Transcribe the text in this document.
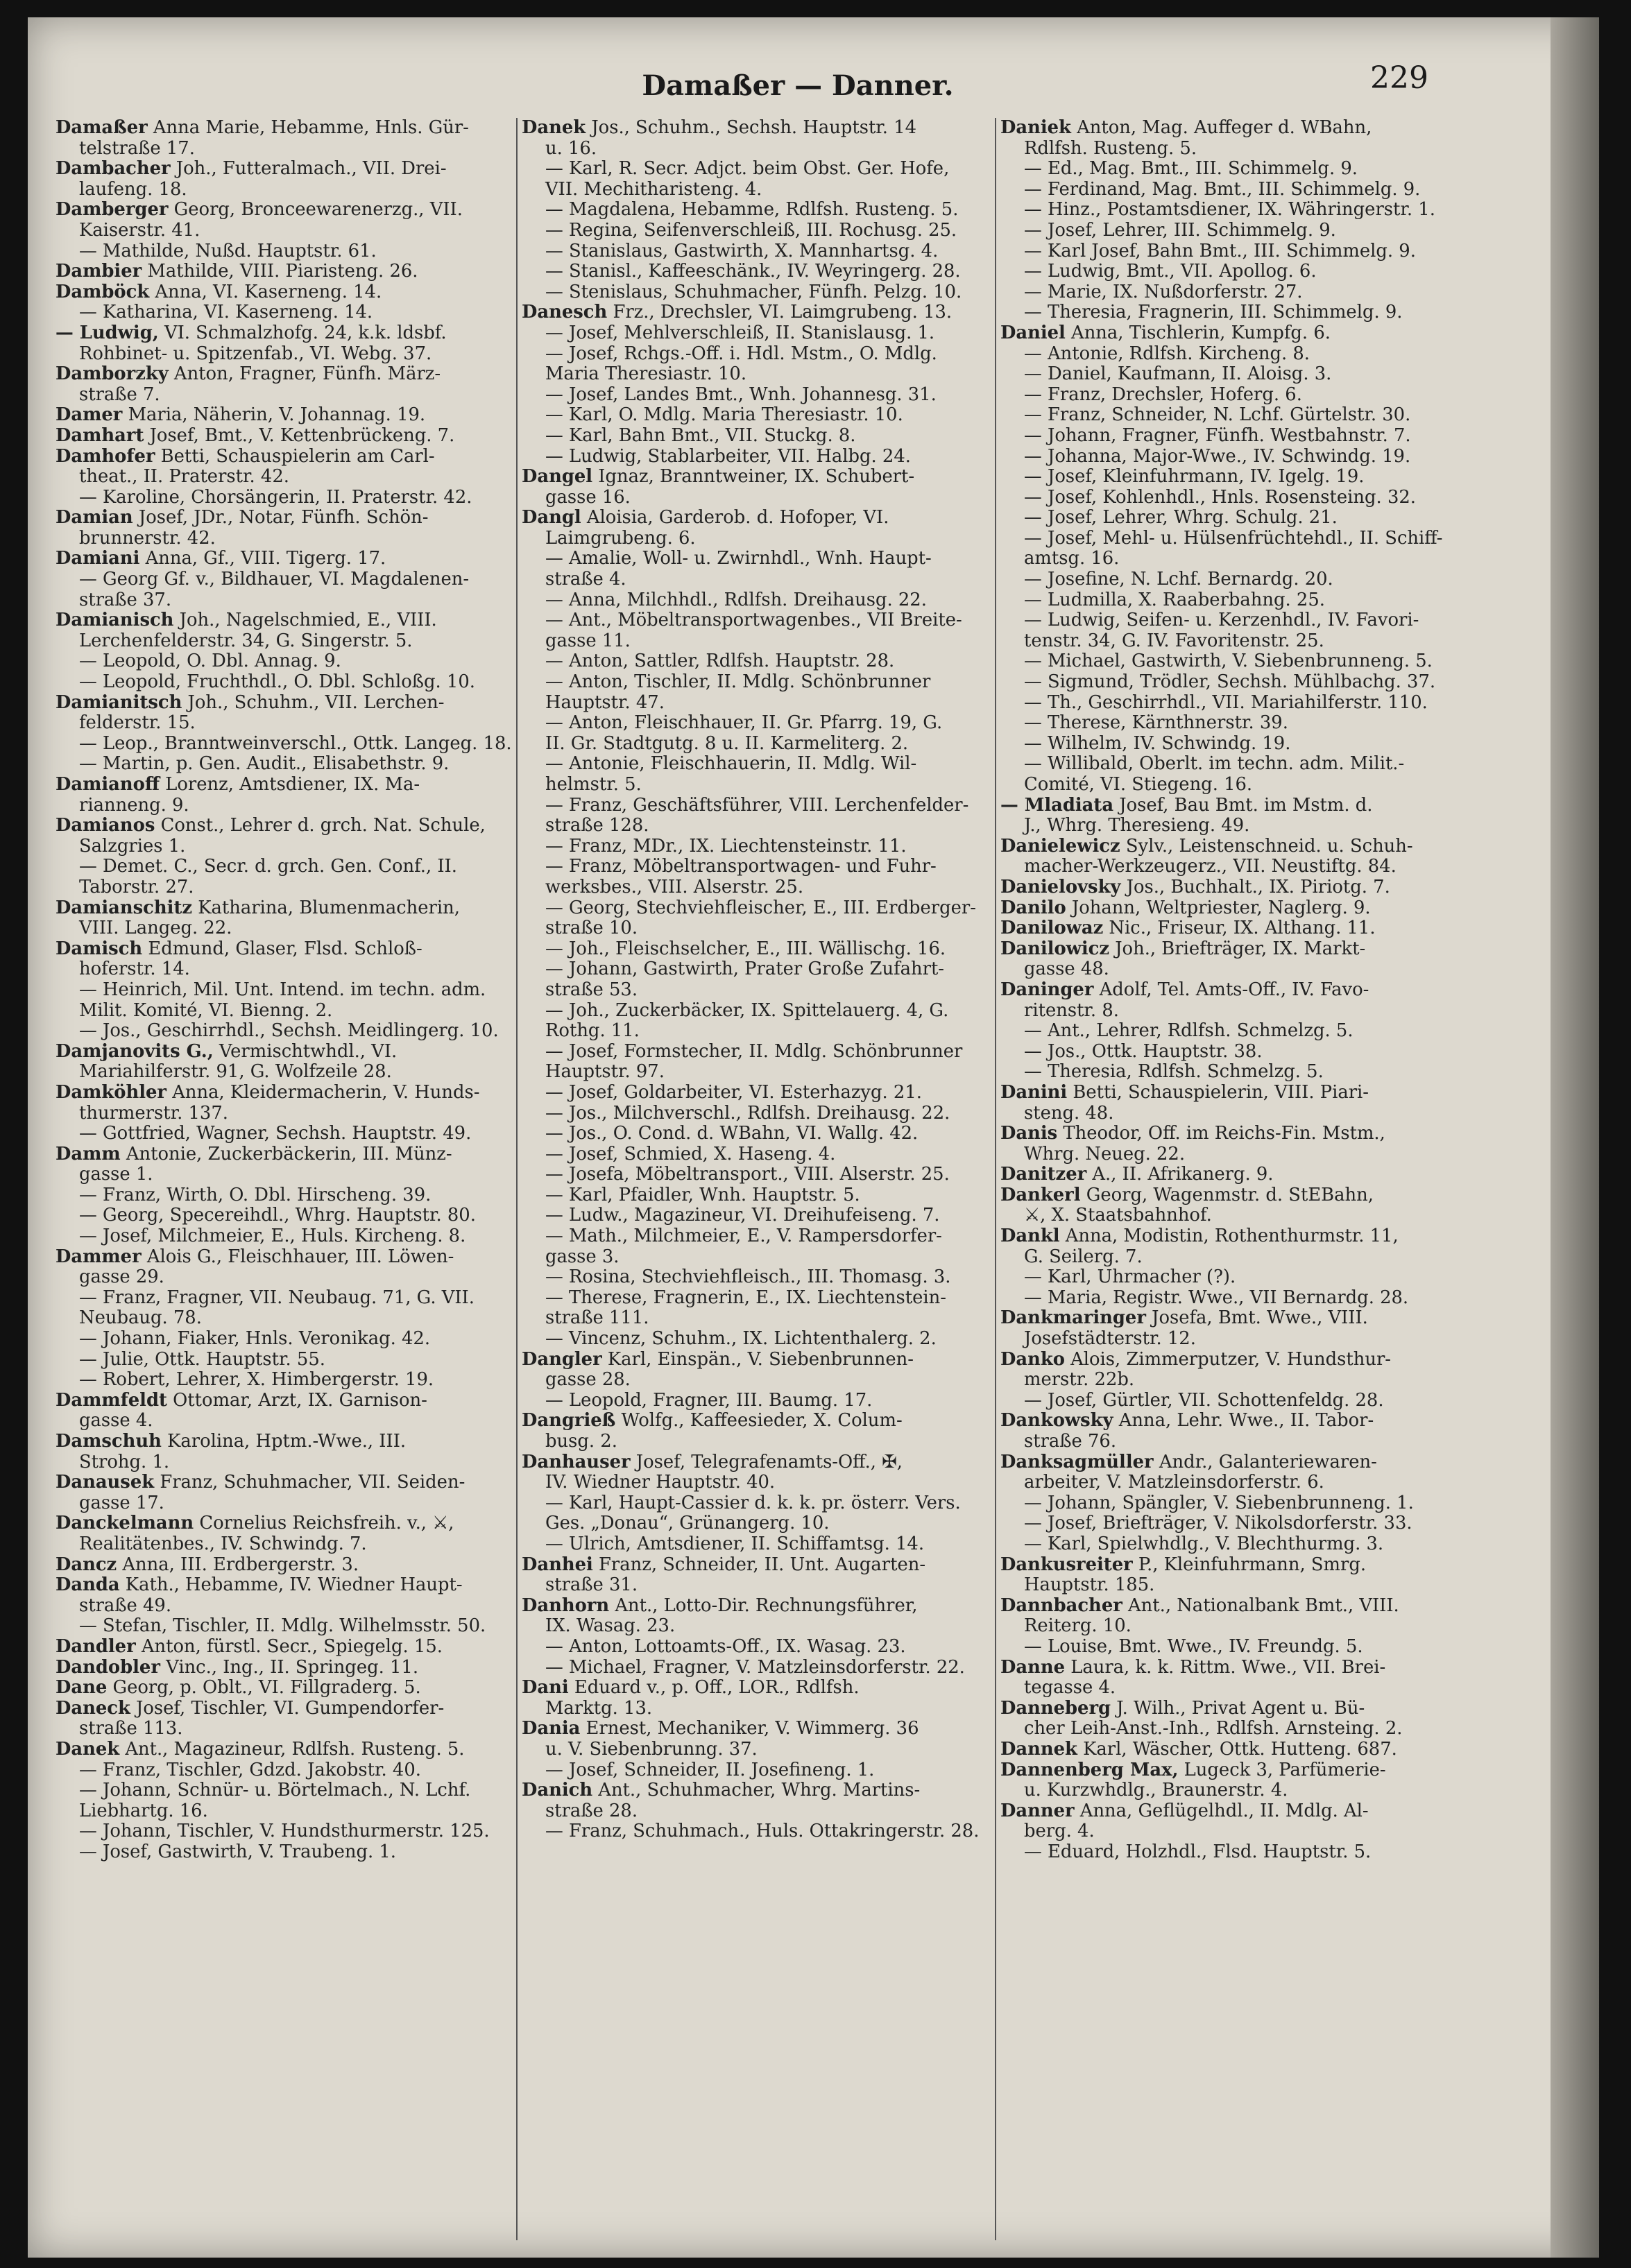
Damaßer — Danner.	229
Damaßer Anna Marie, Hebamme, Hnls. Gür-
telstraße 17.
Dambacher Joh., Futteralmach., VII. Drei-
laufeng. 18.
Damberger Georg, Bronceewarenerzg., VII.
Kaiserstr. 41.
— Mathilde, Nußd. Hauptstr. 61.
Dambier Mathilde, VIII. Piaristeng. 26.
Damböck Anna, VI. Kaserneng. 14.
— Katharina, VI. Kaserneng. 14.
— Ludwig, VI. Schmalzhofg. 24, k.k. ldsbf.
Rohbinet- u. Spitzenfab., VI. Webg. 37.
Damborzky Anton, Fragner, Fünfh. März-
straße 7.
Damer Maria, Näherin, V. Johannag. 19.
Damhart Josef, Bmt., V. Kettenbrückeng. 7.
Damhofer Betti, Schauspielerin am Carl-
theat., II. Praterstr. 42.
— Karoline, Chorsängerin, II. Praterstr. 42.
Damian Josef, JDr., Notar, Fünfh. Schön-
brunnerstr. 42.
Damiani Anna, Gf., VIII. Tigerg. 17.
— Georg Gf. v., Bildhauer, VI. Magdalenen-
straße 37.
Damianisch Joh., Nagelschmied, E., VIII.
Lerchenfelderstr. 34, G. Singerstr. 5.
— Leopold, O. Dbl. Annag. 9.
— Leopold, Fruchthdl., O. Dbl. Schloßg. 10.
Damianitsch Joh., Schuhm., VII. Lerchen-
felderstr. 15.
— Leop., Branntweinverschl., Ottk. Langeg. 18.
— Martin, p. Gen. Audit., Elisabethstr. 9.
Damianoff Lorenz, Amtsdiener, IX. Ma-
rianneng. 9.
Damianos Const., Lehrer d. grch. Nat. Schule,
Salzgries 1.
— Demet. C., Secr. d. grch. Gen. Conf., II.
Taborstr. 27.
Damianschitz Katharina, Blumenmacherin,
VIII. Langeg. 22.
Damisch Edmund, Glaser, Flsd. Schloß-
hoferstr. 14.
— Heinrich, Mil. Unt. Intend. im techn. adm.
Milit. Komité, VI. Bienng. 2.
— Jos., Geschirrhdl., Sechsh. Meidlingerg. 10.
Damjanovits G., Vermischtwhdl., VI.
Mariahilferstr. 91, G. Wolfzeile 28.
Damköhler Anna, Kleidermacherin, V. Hunds-
thurmerstr. 137.
— Gottfried, Wagner, Sechsh. Hauptstr. 49.
Damm Antonie, Zuckerbäckerin, III. Münz-
gasse 1.
— Franz, Wirth, O. Dbl. Hirscheng. 39.
— Georg, Specereihdl., Whrg. Hauptstr. 80.
— Josef, Milchmeier, E., Huls. Kircheng. 8.
Dammer Alois G., Fleischhauer, III. Löwen-
gasse 29.
— Franz, Fragner, VII. Neubaug. 71, G. VII.
Neubaug. 78.
— Johann, Fiaker, Hnls. Veronikag. 42.
— Julie, Ottk. Hauptstr. 55.
— Robert, Lehrer, X. Himbergerstr. 19.
Dammfeldt Ottomar, Arzt, IX. Garnison-
gasse 4.
Damschuh Karolina, Hptm.-Wwe., III.
Strohg. 1.
Danausek Franz, Schuhmacher, VII. Seiden-
gasse 17.
Danckelmann Cornelius Reichsfreih. v., ⚔,
Realitätenbes., IV. Schwindg. 7.
Dancz Anna, III. Erdbergerstr. 3.
Danda Kath., Hebamme, IV. Wiedner Haupt-
straße 49.
— Stefan, Tischler, II. Mdlg. Wilhelmsstr. 50.
Dandler Anton, fürstl. Secr., Spiegelg. 15.
Dandobler Vinc., Ing., II. Springeg. 11.
Dane Georg, p. Oblt., VI. Fillgraderg. 5.
Daneck Josef, Tischler, VI. Gumpendorfer-
straße 113.
Danek Ant., Magazineur, Rdlfsh. Rusteng. 5.
— Franz, Tischler, Gdzd. Jakobstr. 40.
— Johann, Schnür- u. Börtelmach., N. Lchf.
Liebhartg. 16.
— Johann, Tischler, V. Hundsthurmerstr. 125.
— Josef, Gastwirth, V. Traubeng. 1.
Danek Jos., Schuhm., Sechsh. Hauptstr. 14
u. 16.
— Karl, R. Secr. Adjct. beim Obst. Ger. Hofe,
VII. Mechitharisteng. 4.
— Magdalena, Hebamme, Rdlfsh. Rusteng. 5.
— Regina, Seifenverschleiß, III. Rochusg. 25.
— Stanislaus, Gastwirth, X. Mannhartsg. 4.
— Stanisl., Kaffeeschänk., IV. Weyringerg. 28.
— Stenislaus, Schuhmacher, Fünfh. Pelzg. 10.
Danesch Frz., Drechsler, VI. Laimgrubeng. 13.
— Josef, Mehlverschleiß, II. Stanislausg. 1.
— Josef, Rchgs.-Off. i. Hdl. Mstm., O. Mdlg.
Maria Theresiastr. 10.
— Josef, Landes Bmt., Wnh. Johannesg. 31.
— Karl, O. Mdlg. Maria Theresiastr. 10.
— Karl, Bahn Bmt., VII. Stuckg. 8.
— Ludwig, Stablarbeiter, VII. Halbg. 24.
Dangel Ignaz, Branntweiner, IX. Schubert-
gasse 16.
Dangl Aloisia, Garderob. d. Hofoper, VI.
Laimgrubeng. 6.
— Amalie, Woll- u. Zwirnhdl., Wnh. Haupt-
straße 4.
— Anna, Milchhdl., Rdlfsh. Dreihausg. 22.
— Ant., Möbeltransportwagenbes., VII Breite-
gasse 11.
— Anton, Sattler, Rdlfsh. Hauptstr. 28.
— Anton, Tischler, II. Mdlg. Schönbrunner
Hauptstr. 47.
— Anton, Fleischhauer, II. Gr. Pfarrg. 19, G.
II. Gr. Stadtgutg. 8 u. II. Karmeliterg. 2.
— Antonie, Fleischhauerin, II. Mdlg. Wil-
helmstr. 5.
— Franz, Geschäftsführer, VIII. Lerchenfelder-
straße 128.
— Franz, MDr., IX. Liechtensteinstr. 11.
— Franz, Möbeltransportwagen- und Fuhr-
werksbes., VIII. Alserstr. 25.
— Georg, Stechviehfleischer, E., III. Erdberger-
straße 10.
— Joh., Fleischselcher, E., III. Wällischg. 16.
— Johann, Gastwirth, Prater Große Zufahrt-
straße 53.
— Joh., Zuckerbäcker, IX. Spittelauerg. 4, G.
Rothg. 11.
— Josef, Formstecher, II. Mdlg. Schönbrunner
Hauptstr. 97.
— Josef, Goldarbeiter, VI. Esterhazyg. 21.
— Jos., Milchverschl., Rdlfsh. Dreihausg. 22.
— Jos., O. Cond. d. WBahn, VI. Wallg. 42.
— Josef, Schmied, X. Haseng. 4.
— Josefa, Möbeltransport., VIII. Alserstr. 25.
— Karl, Pfaidler, Wnh. Hauptstr. 5.
— Ludw., Magazineur, VI. Dreihufeiseng. 7.
— Math., Milchmeier, E., V. Rampersdorfer-
gasse 3.
— Rosina, Stechviehfleisch., III. Thomasg. 3.
— Therese, Fragnerin, E., IX. Liechtenstein-
straße 111.
— Vincenz, Schuhm., IX. Lichtenthalerg. 2.
Dangler Karl, Einspän., V. Siebenbrunnen-
gasse 28.
— Leopold, Fragner, III. Baumg. 17.
Dangrieß Wolfg., Kaffeesieder, X. Colum-
busg. 2.
Danhauser Josef, Telegrafenamts-Off., ✠,
IV. Wiedner Hauptstr. 40.
— Karl, Haupt-Cassier d. k. k. pr. österr. Vers.
Ges. „Donau“, Grünangerg. 10.
— Ulrich, Amtsdiener, II. Schiffamtsg. 14.
Danhei Franz, Schneider, II. Unt. Augarten-
straße 31.
Danhorn Ant., Lotto-Dir. Rechnungsführer,
IX. Wasag. 23.
— Anton, Lottoamts-Off., IX. Wasag. 23.
— Michael, Fragner, V. Matzleinsdorferstr. 22.
Dani Eduard v., p. Off., LOR., Rdlfsh.
Marktg. 13.
Dania Ernest, Mechaniker, V. Wimmerg. 36
u. V. Siebenbrunng. 37.
— Josef, Schneider, II. Josefineng. 1.
Danich Ant., Schuhmacher, Whrg. Martins-
straße 28.
— Franz, Schuhmach., Huls. Ottakringerstr. 28.
Daniek Anton, Mag. Auffeger d. WBahn,
Rdlfsh. Rusteng. 5.
— Ed., Mag. Bmt., III. Schimmelg. 9.
— Ferdinand, Mag. Bmt., III. Schimmelg. 9.
— Hinz., Postamtsdiener, IX. Währingerstr. 1.
— Josef, Lehrer, III. Schimmelg. 9.
— Karl Josef, Bahn Bmt., III. Schimmelg. 9.
— Ludwig, Bmt., VII. Apollog. 6.
— Marie, IX. Nußdorferstr. 27.
— Theresia, Fragnerin, III. Schimmelg. 9.
Daniel Anna, Tischlerin, Kumpfg. 6.
— Antonie, Rdlfsh. Kircheng. 8.
— Daniel, Kaufmann, II. Aloisg. 3.
— Franz, Drechsler, Hoferg. 6.
— Franz, Schneider, N. Lchf. Gürtelstr. 30.
— Johann, Fragner, Fünfh. Westbahnstr. 7.
— Johanna, Major-Wwe., IV. Schwindg. 19.
— Josef, Kleinfuhrmann, IV. Igelg. 19.
— Josef, Kohlenhdl., Hnls. Rosensteing. 32.
— Josef, Lehrer, Whrg. Schulg. 21.
— Josef, Mehl- u. Hülsenfrüchtehdl., II. Schiff-
amtsg. 16.
— Josefine, N. Lchf. Bernardg. 20.
— Ludmilla, X. Raaberbahng. 25.
— Ludwig, Seifen- u. Kerzenhdl., IV. Favori-
tenstr. 34, G. IV. Favoritenstr. 25.
— Michael, Gastwirth, V. Siebenbrunneng. 5.
— Sigmund, Trödler, Sechsh. Mühlbachg. 37.
— Th., Geschirrhdl., VII. Mariahilferstr. 110.
— Therese, Kärnthnerstr. 39.
— Wilhelm, IV. Schwindg. 19.
— Willibald, Oberlt. im techn. adm. Milit.-
Comité, VI. Stiegeng. 16.
— Mladiata Josef, Bau Bmt. im Mstm. d.
J., Whrg. Theresieng. 49.
Danielewicz Sylv., Leistenschneid. u. Schuh-
macher-Werkzeugerz., VII. Neustiftg. 84.
Danielovsky Jos., Buchhalt., IX. Piriotg. 7.
Danilo Johann, Weltpriester, Naglerg. 9.
Danilowaz Nic., Friseur, IX. Althang. 11.
Danilowicz Joh., Briefträger, IX. Markt-
gasse 48.
Daninger Adolf, Tel. Amts-Off., IV. Favo-
ritenstr. 8.
— Ant., Lehrer, Rdlfsh. Schmelzg. 5.
— Jos., Ottk. Hauptstr. 38.
— Theresia, Rdlfsh. Schmelzg. 5.
Danini Betti, Schauspielerin, VIII. Piari-
steng. 48.
Danis Theodor, Off. im Reichs-Fin. Mstm.,
Whrg. Neueg. 22.
Danitzer A., II. Afrikanerg. 9.
Dankerl Georg, Wagenmstr. d. StEBahn,
⚔, X. Staatsbahnhof.
Dankl Anna, Modistin, Rothenthurmstr. 11,
G. Seilerg. 7.
— Karl, Uhrmacher (?).
— Maria, Registr. Wwe., VII Bernardg. 28.
Dankmaringer Josefa, Bmt. Wwe., VIII.
Josefstädterstr. 12.
Danko Alois, Zimmerputzer, V. Hundsthur-
merstr. 22b.
— Josef, Gürtler, VII. Schottenfeldg. 28.
Dankowsky Anna, Lehr. Wwe., II. Tabor-
straße 76.
Danksagmüller Andr., Galanteriewaren-
arbeiter, V. Matzleinsdorferstr. 6.
— Johann, Spängler, V. Siebenbrunneng. 1.
— Josef, Briefträger, V. Nikolsdorferstr. 33.
— Karl, Spielwhdlg., V. Blechthurmg. 3.
Dankusreiter P., Kleinfuhrmann, Smrg.
Hauptstr. 185.
Dannbacher Ant., Nationalbank Bmt., VIII.
Reiterg. 10.
— Louise, Bmt. Wwe., IV. Freundg. 5.
Danne Laura, k. k. Rittm. Wwe., VII. Brei-
tegasse 4.
Danneberg J. Wilh., Privat Agent u. Bü-
cher Leih-Anst.-Inh., Rdlfsh. Arnsteing. 2.
Dannek Karl, Wäscher, Ottk. Hutteng. 687.
Dannenberg Max, Lugeck 3, Parfümerie-
u. Kurzwhdlg., Braunerstr. 4.
Danner Anna, Geflügelhdl., II. Mdlg. Al-
berg. 4.
— Eduard, Holzhdl., Flsd. Hauptstr. 5.
